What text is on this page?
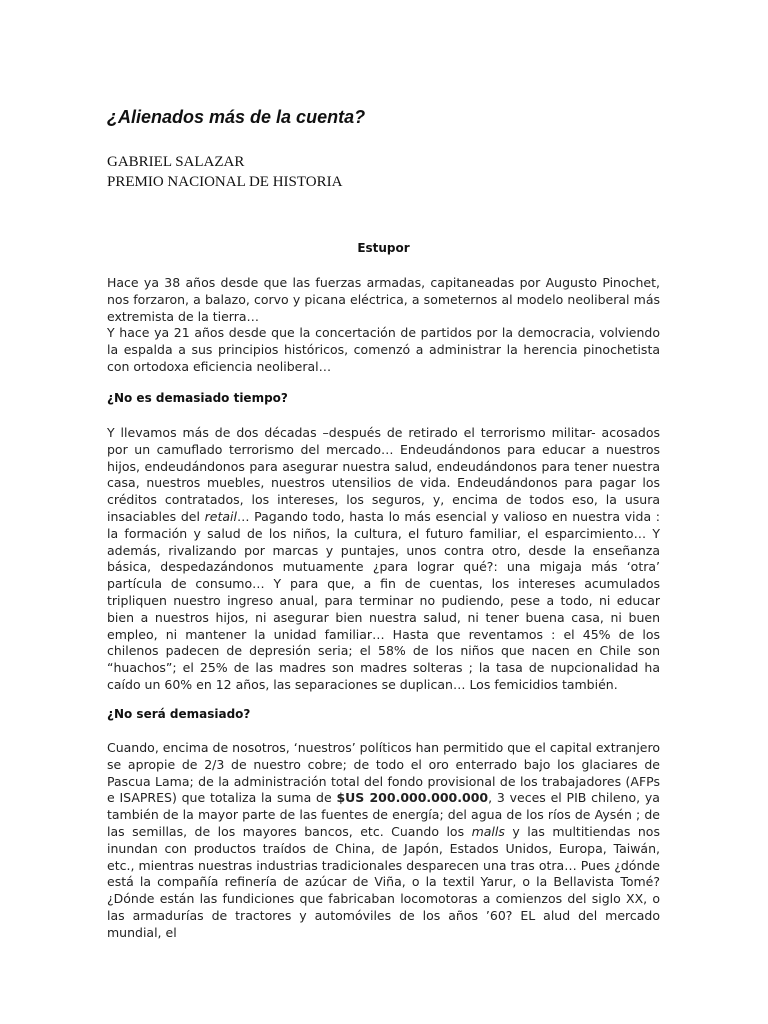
¿Alienados más de la cuenta?
GABRIEL SALAZAR
PREMIO NACIONAL DE HISTORIA
Estupor

Hace ya 38 años desde que las fuerzas armadas, capitaneadas por Augusto Pinochet, nos forzaron, a balazo, corvo y picana eléctrica, a someternos al modelo neoliberal más extremista de la tierra…
Y hace ya 21 años desde que la concertación de partidos por la democracia, volviendo la espalda a sus principios históricos, comenzó a administrar la herencia pinochetista con ortodoxa eficiencia neoliberal…

¿No es demasiado tiempo?

Y llevamos más de dos décadas –después de retirado el terrorismo militar- acosados por un camuflado terrorismo del mercado… Endeudándonos para educar a nuestros hijos, endeudándonos para asegurar nuestra salud, endeudándonos para tener nuestra casa, nuestros muebles, nuestros utensilios de vida. Endeudándonos para pagar los créditos contratados, los intereses, los seguros, y, encima de todos eso, la usura insaciables del retail… Pagando todo, hasta lo más esencial y valioso en nuestra vida : la formación y salud de los niños, la cultura, el futuro familiar, el esparcimiento… Y además, rivalizando por marcas y puntajes, unos contra otro, desde la enseñanza básica, despedazándonos mutuamente ¿para lograr qué?: una migaja más ‘otra’ partícula de consumo… Y para que, a fin de cuentas, los intereses acumulados tripliquen nuestro ingreso anual, para terminar no pudiendo, pese a todo, ni educar bien a nuestros hijos, ni asegurar bien nuestra salud, ni tener buena casa, ni buen empleo, ni mantener la unidad familiar… Hasta que reventamos : el 45% de los chilenos padecen de depresión seria; el 58% de los niños que nacen en Chile son “huachos”; el 25% de las madres son madres solteras ; la tasa de nupcionalidad ha caído un 60% en 12 años, las separaciones se duplican… Los femicidios también.

¿No será demasiado?

Cuando, encima de nosotros, ‘nuestros’ políticos han permitido que el capital extranjero se apropie de 2/3 de nuestro cobre; de todo el oro enterrado bajo los glaciares de Pascua Lama; de la administración total del fondo provisional de los trabajadores (AFPs e ISAPRES) que totaliza la suma de $US 200.000.000.000, 3 veces el PIB chileno, ya también de la mayor parte de las fuentes de energía; del agua de los ríos de Aysén ; de las semillas, de los mayores bancos, etc. Cuando los malls y las multitiendas nos inundan con productos traídos de China, de Japón, Estados Unidos, Europa, Taiwán, etc., mientras nuestras industrias tradicionales desparecen una tras otra… Pues ¿dónde está la compañía refinería de azúcar de Viña, o la textil Yarur, o la Bellavista Tomé? ¿Dónde están las fundiciones que fabricaban locomotoras a comienzos del siglo XX, o las armadurías de tractores y automóviles de los años ’60? EL alud del mercado mundial, el
